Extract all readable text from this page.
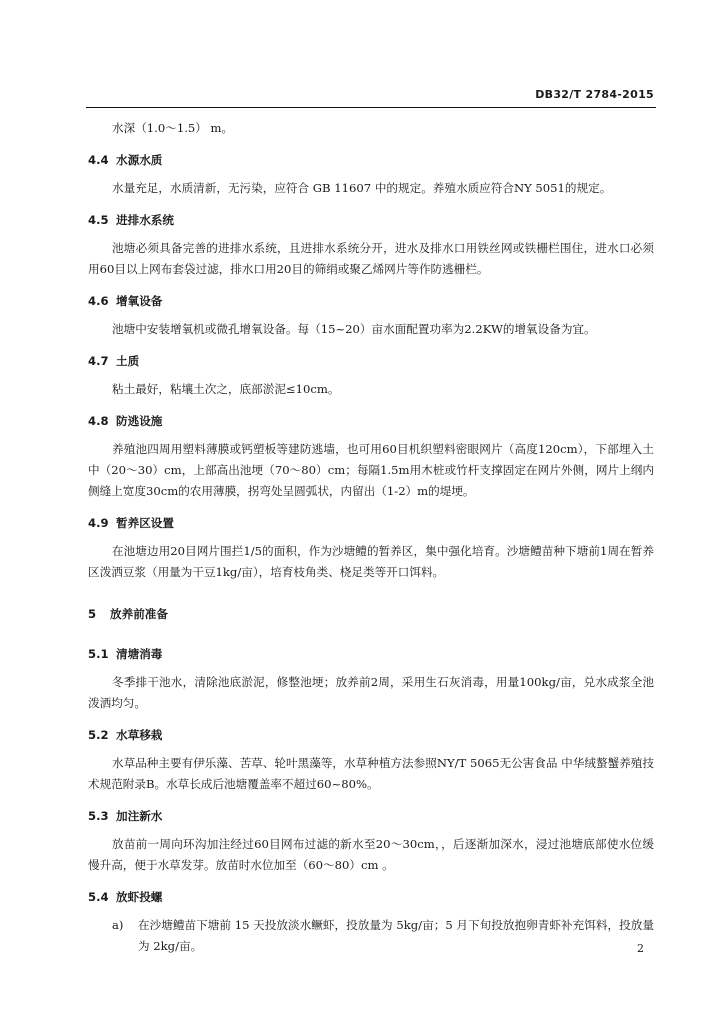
DB32/T 2784-2015

水深（1.0～1.5） m。

4.4 水源水质

水量充足，水质清新，无污染，应符合 GB 11607 中的规定。养殖水质应符合NY 5051的规定。

4.5 进排水系统

池塘必须具备完善的进排水系统，且进排水系统分开，进水及排水口用铁丝网或铁栅栏围住，进水口必须用60目以上网布套袋过滤，排水口用20目的筛绢或聚乙烯网片等作防逃栅栏。

4.6 增氧设备

池塘中安装增氧机或微孔增氧设备。每（15~20）亩水面配置功率为2.2KW的增氧设备为宜。

4.7 土质

粘土最好，粘壤土次之，底部淤泥≤10cm。

4.8 防逃设施

养殖池四周用塑料薄膜或钙塑板等建防逃墙，也可用60目机织塑料密眼网片（高度120cm），下部埋入土中（20～30）cm，上部高出池埂（70～80）cm；每隔1.5m用木桩或竹杆支撑固定在网片外侧，网片上纲内侧缝上宽度30cm的农用薄膜，拐弯处呈圆弧状，内留出（1-2）m的堤埂。

4.9 暂养区设置

在池塘边用20目网片围拦1/5的面积，作为沙塘鳢的暂养区，集中强化培育。沙塘鳢苗种下塘前1周在暂养区泼洒豆浆（用量为干豆1kg/亩），培育枝角类、桡足类等开口饵料。

5 放养前准备
5.1 清塘消毒

冬季排干池水，清除池底淤泥，修整池埂；放养前2周，采用生石灰消毒，用量100kg/亩，兑水成浆全池泼洒均匀。

5.2 水草移栽

水草品种主要有伊乐藻、苦草、轮叶黑藻等，水草种植方法参照NY/T 5065无公害食品 中华绒螯蟹养殖技术规范附录B。水草长成后池塘覆盖率不超过60~80%。

5.3 加注新水

放苗前一周向环沟加注经过60目网布过滤的新水至20～30cm，，后逐渐加深水，浸过池塘底部使水位缓慢升高，便于水草发芽。放苗时水位加至（60～80）cm 。

5.4 放虾投螺
a) 在沙塘鳢苗下塘前 15 天投放淡水鳜虾，投放量为 5kg/亩；5 月下旬投放抱卵青虾补充饵料，投放量为 2kg/亩。	2
